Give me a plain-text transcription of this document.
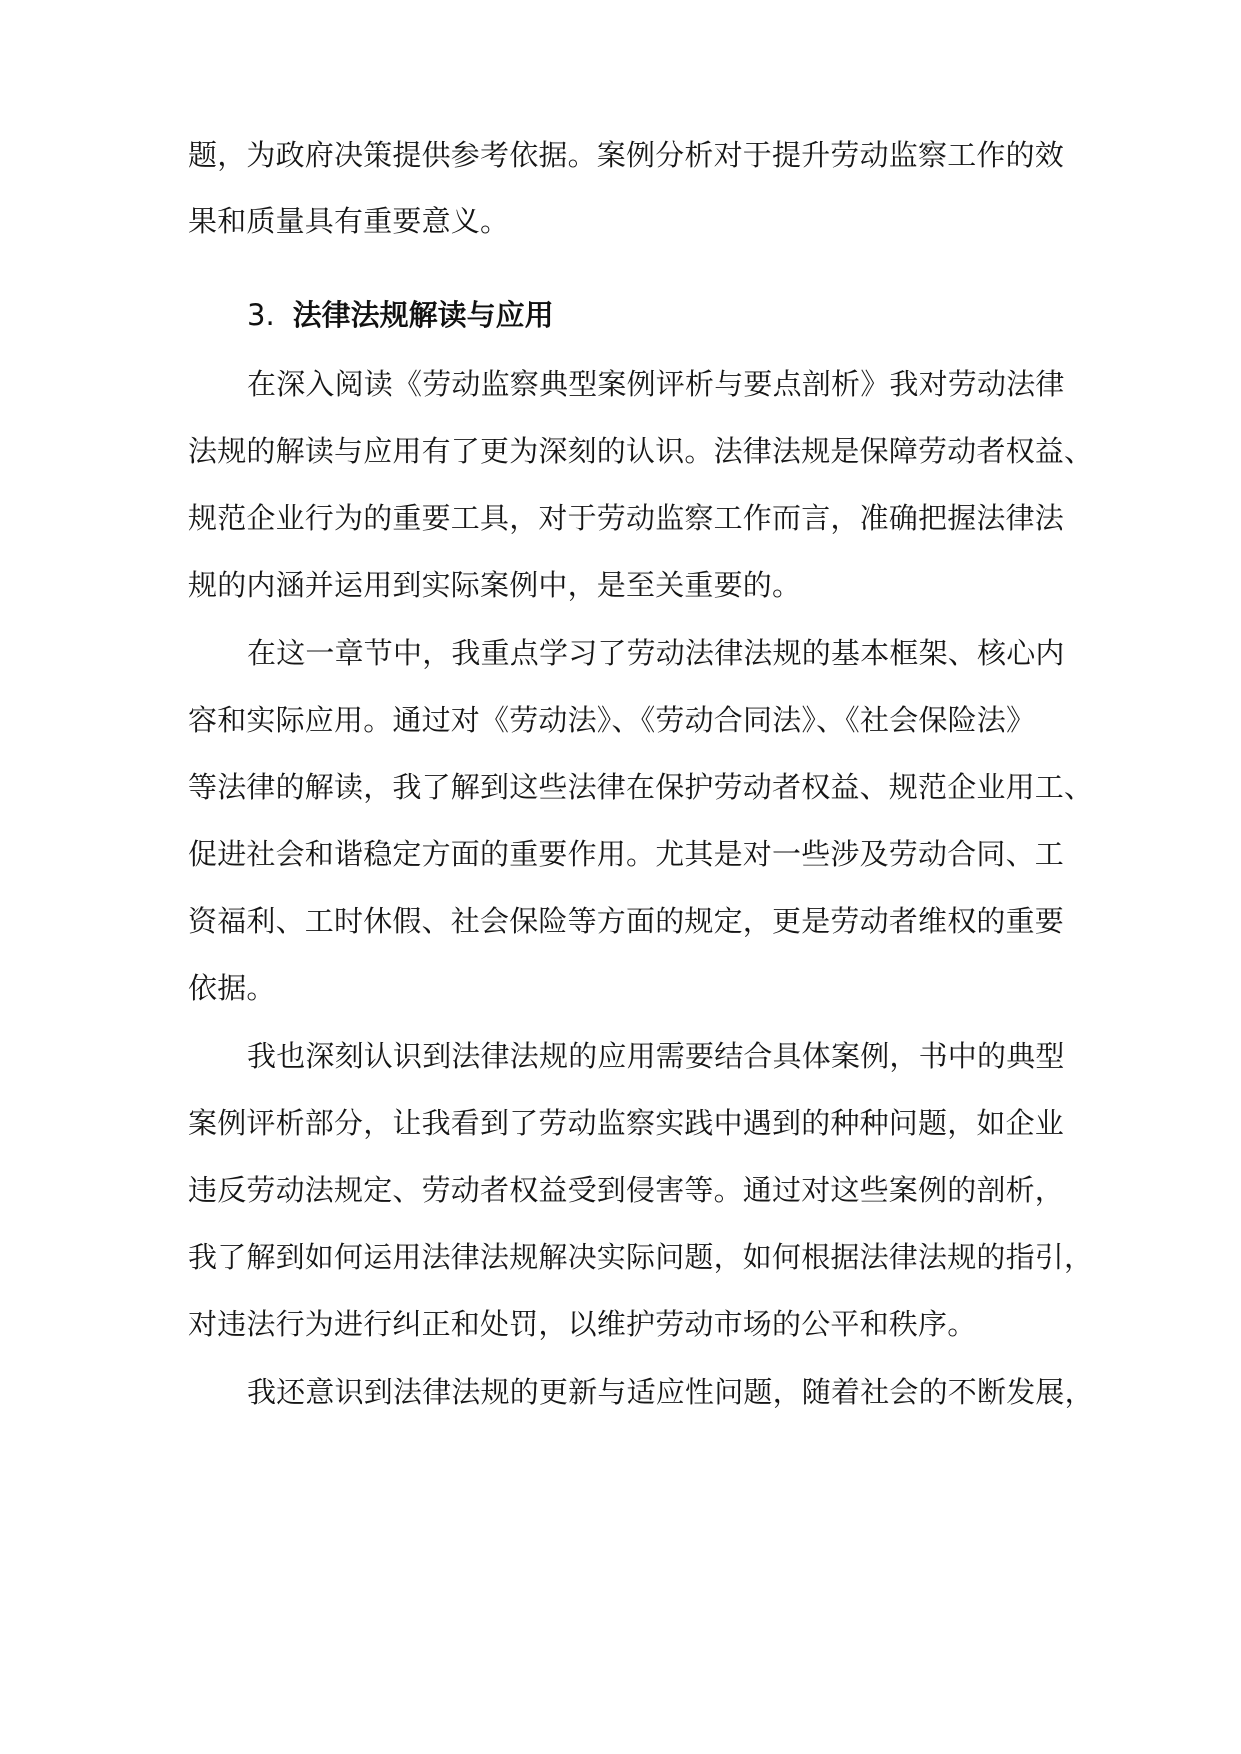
题，为政府决策提供参考依据。案例分析对于提升劳动监察工作的效
果和质量具有重要意义。
3. 法律法规解读与应用
在深入阅读《劳动监察典型案例评析与要点剖析》我对劳动法律
法规的解读与应用有了更为深刻的认识。法律法规是保障劳动者权益、
规范企业行为的重要工具，对于劳动监察工作而言，准确把握法律法
规的内涵并运用到实际案例中，是至关重要的。
在这一章节中，我重点学习了劳动法律法规的基本框架、核心内
容和实际应用。通过对《劳动法》、《劳动合同法》、《社会保险法》
等法律的解读，我了解到这些法律在保护劳动者权益、规范企业用工、
促进社会和谐稳定方面的重要作用。尤其是对一些涉及劳动合同、工
资福利、工时休假、社会保险等方面的规定，更是劳动者维权的重要
依据。
我也深刻认识到法律法规的应用需要结合具体案例，书中的典型
案例评析部分，让我看到了劳动监察实践中遇到的种种问题，如企业
违反劳动法规定、劳动者权益受到侵害等。通过对这些案例的剖析，
我了解到如何运用法律法规解决实际问题，如何根据法律法规的指引，
对违法行为进行纠正和处罚，以维护劳动市场的公平和秩序。
我还意识到法律法规的更新与适应性问题，随着社会的不断发展，
